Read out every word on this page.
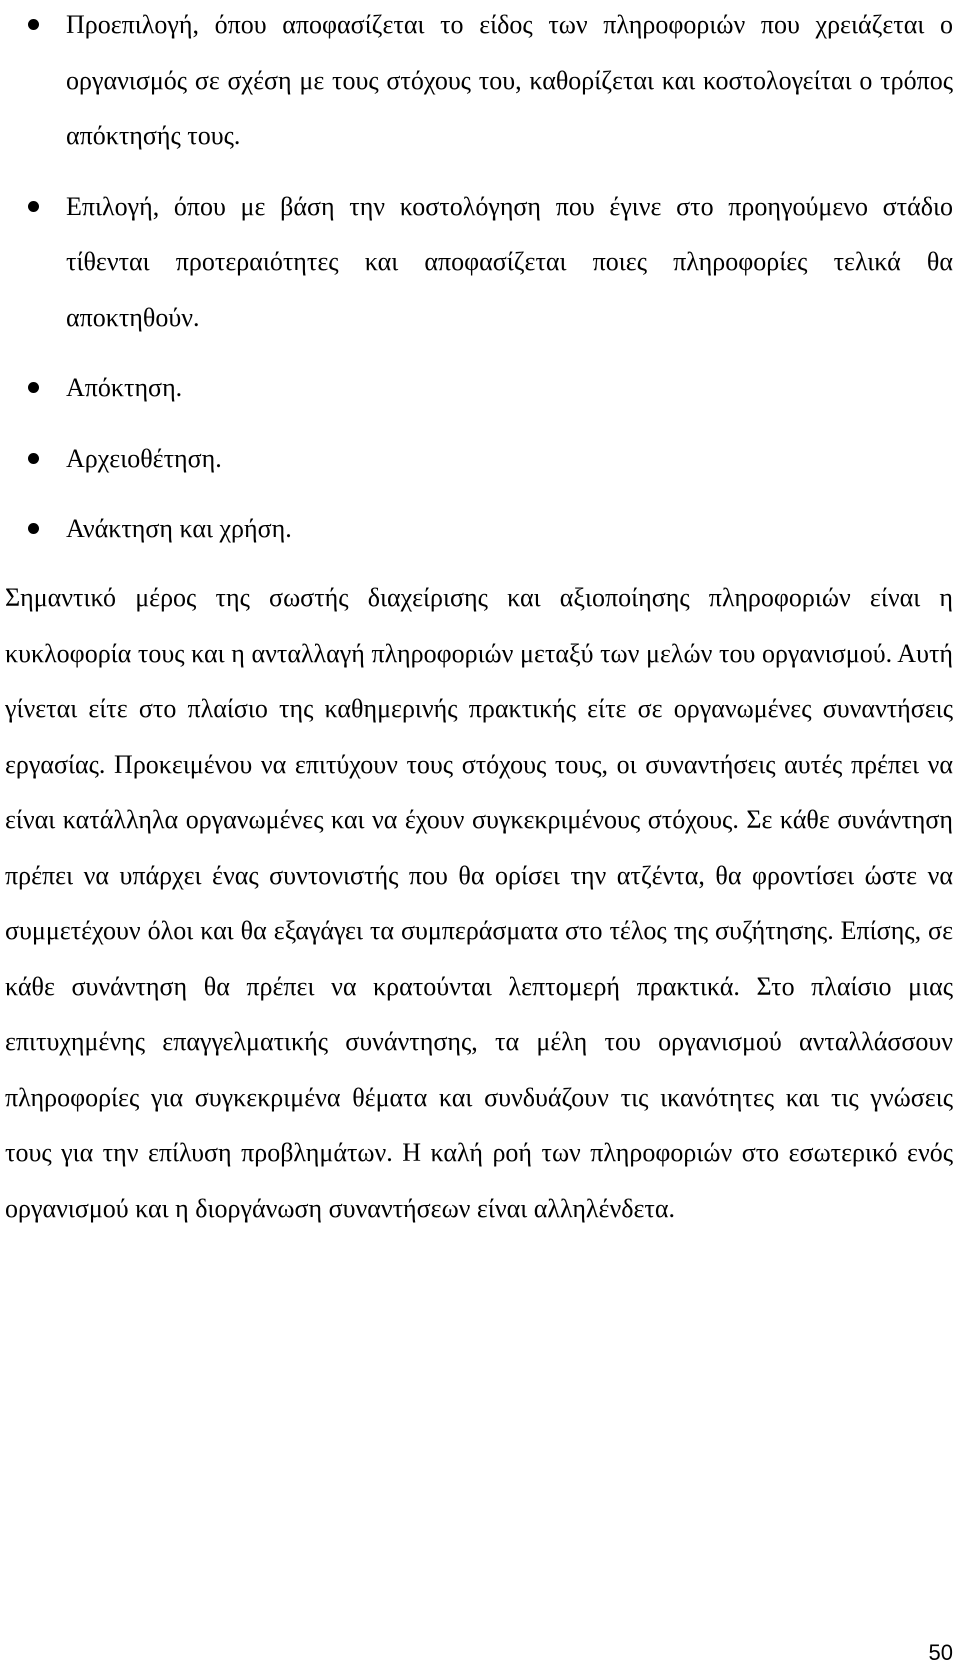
Προεπιλογή, όπου αποφασίζεται το είδος των πληροφοριών που χρειάζεται ο οργανισμός σε σχέση με τους στόχους του, καθορίζεται και κοστολογείται ο τρόπος απόκτησής τους.
Επιλογή, όπου με βάση την κοστολόγηση που έγινε στο προηγούμενο στάδιο τίθενται προτεραιότητες και αποφασίζεται ποιες πληροφορίες τελικά θα αποκτηθούν.
Απόκτηση.
Αρχειοθέτηση.
Ανάκτηση και χρήση.

Σημαντικό μέρος της σωστής διαχείρισης και αξιοποίησης πληροφοριών είναι η κυκλοφορία τους και η ανταλλαγή πληροφοριών μεταξύ των μελών του οργανισμού. Αυτή γίνεται είτε στο πλαίσιο της καθημερινής πρακτικής είτε σε οργανωμένες συναντήσεις εργασίας. Προκειμένου να επιτύχουν τους στόχους τους, οι συναντήσεις αυτές πρέπει να είναι κατάλληλα οργανωμένες και να έχουν συγκεκριμένους στόχους. Σε κάθε συνάντηση πρέπει να υπάρχει ένας συντονιστής που θα ορίσει την ατζέντα, θα φροντίσει ώστε να συμμετέχουν όλοι και θα εξαγάγει τα συμπεράσματα στο τέλος της συζήτησης. Επίσης, σε κάθε συνάντηση θα πρέπει να κρατούνται λεπτομερή πρακτικά. Στο πλαίσιο μιας επιτυχημένης επαγγελματικής συνάντησης, τα μέλη του οργανισμού ανταλλάσσουν πληροφορίες για συγκεκριμένα θέματα και συνδυάζουν τις ικανότητες και τις γνώσεις τους για την επίλυση προβλημάτων. Η καλή ροή των πληροφοριών στο εσωτερικό ενός οργανισμού και η διοργάνωση συναντήσεων είναι αλληλένδετα.

50
